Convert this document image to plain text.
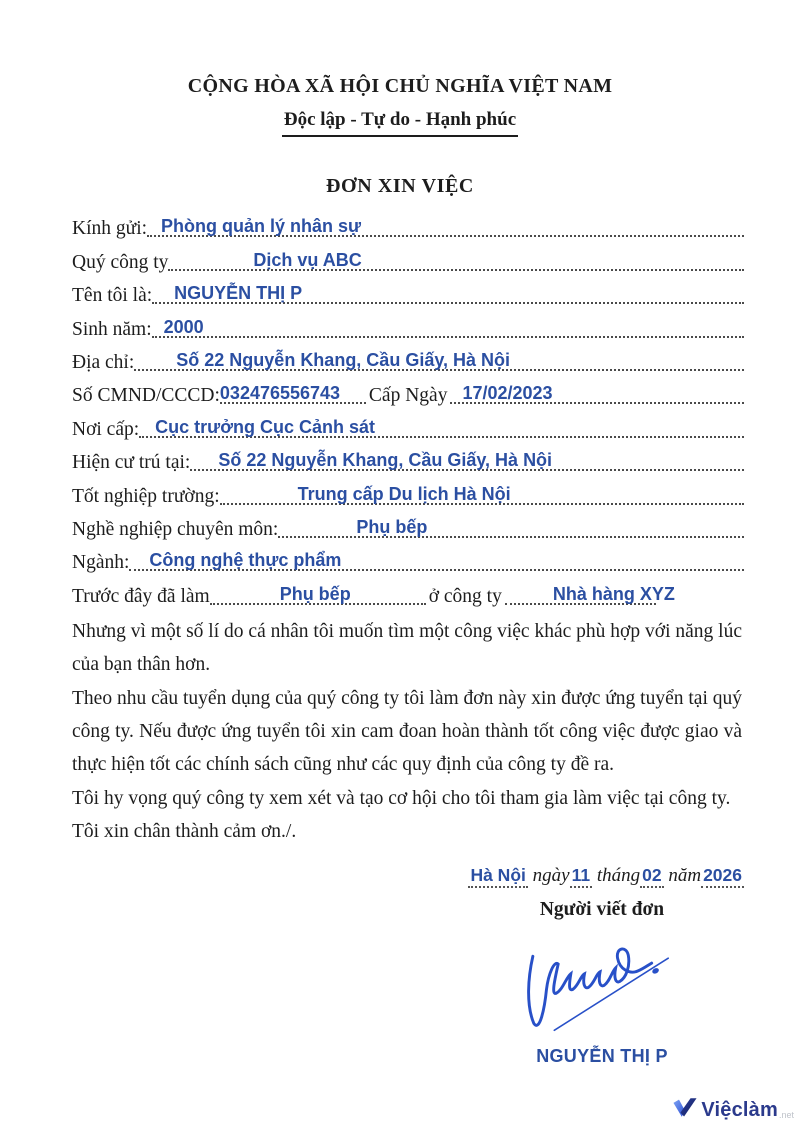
CỘNG HÒA XÃ HỘI CHỦ NGHĨA VIỆT NAM
Độc lập - Tự do - Hạnh phúc
ĐƠN XIN VIỆC
Kính gửi: Phòng quản lý nhân sự
Quý công ty	Dịch vụ ABC
Tên tôi là: NGUYỄN THỊ P
Sinh năm: 2000
Địa chỉ: Số 22 Nguyễn Khang, Cầu Giấy, Hà Nội
Số CMND/CCCD: 032476556743 Cấp Ngày 17/02/2023
Nơi cấp: Cục trưởng Cục Cảnh sát
Hiện cư trú tại: Số 22 Nguyễn Khang, Cầu Giấy, Hà Nội
Tốt nghiệp trường:	Trung cấp Du lịch Hà Nội
Nghề nghiệp chuyên môn:	Phụ bếp
Ngành: Công nghệ thực phẩm
Trước đây đã làm	Phụ bếp	ở công ty	Nhà hàng XYZ

Nhưng vì một số lí do cá nhân tôi muốn tìm một công việc khác phù hợp với năng lúc của bạn thân hơn.

Theo nhu cầu tuyển dụng của quý công ty tôi làm đơn này xin được ứng tuyển tại quý công ty. Nếu được ứng tuyển tôi xin cam đoan hoàn thành tốt công việc được giao và thực hiện tốt các chính sách cũng như các quy định của công ty đề ra.

Tôi hy vọng quý công ty xem xét và tạo cơ hội cho tôi tham gia làm việc tại công ty.

Tôi xin chân thành cảm ơn./.

Hà Nội ngày 11 tháng 02 năm 2026
Người viết đơn
NGUYỄN THỊ P
Việclàm .net
